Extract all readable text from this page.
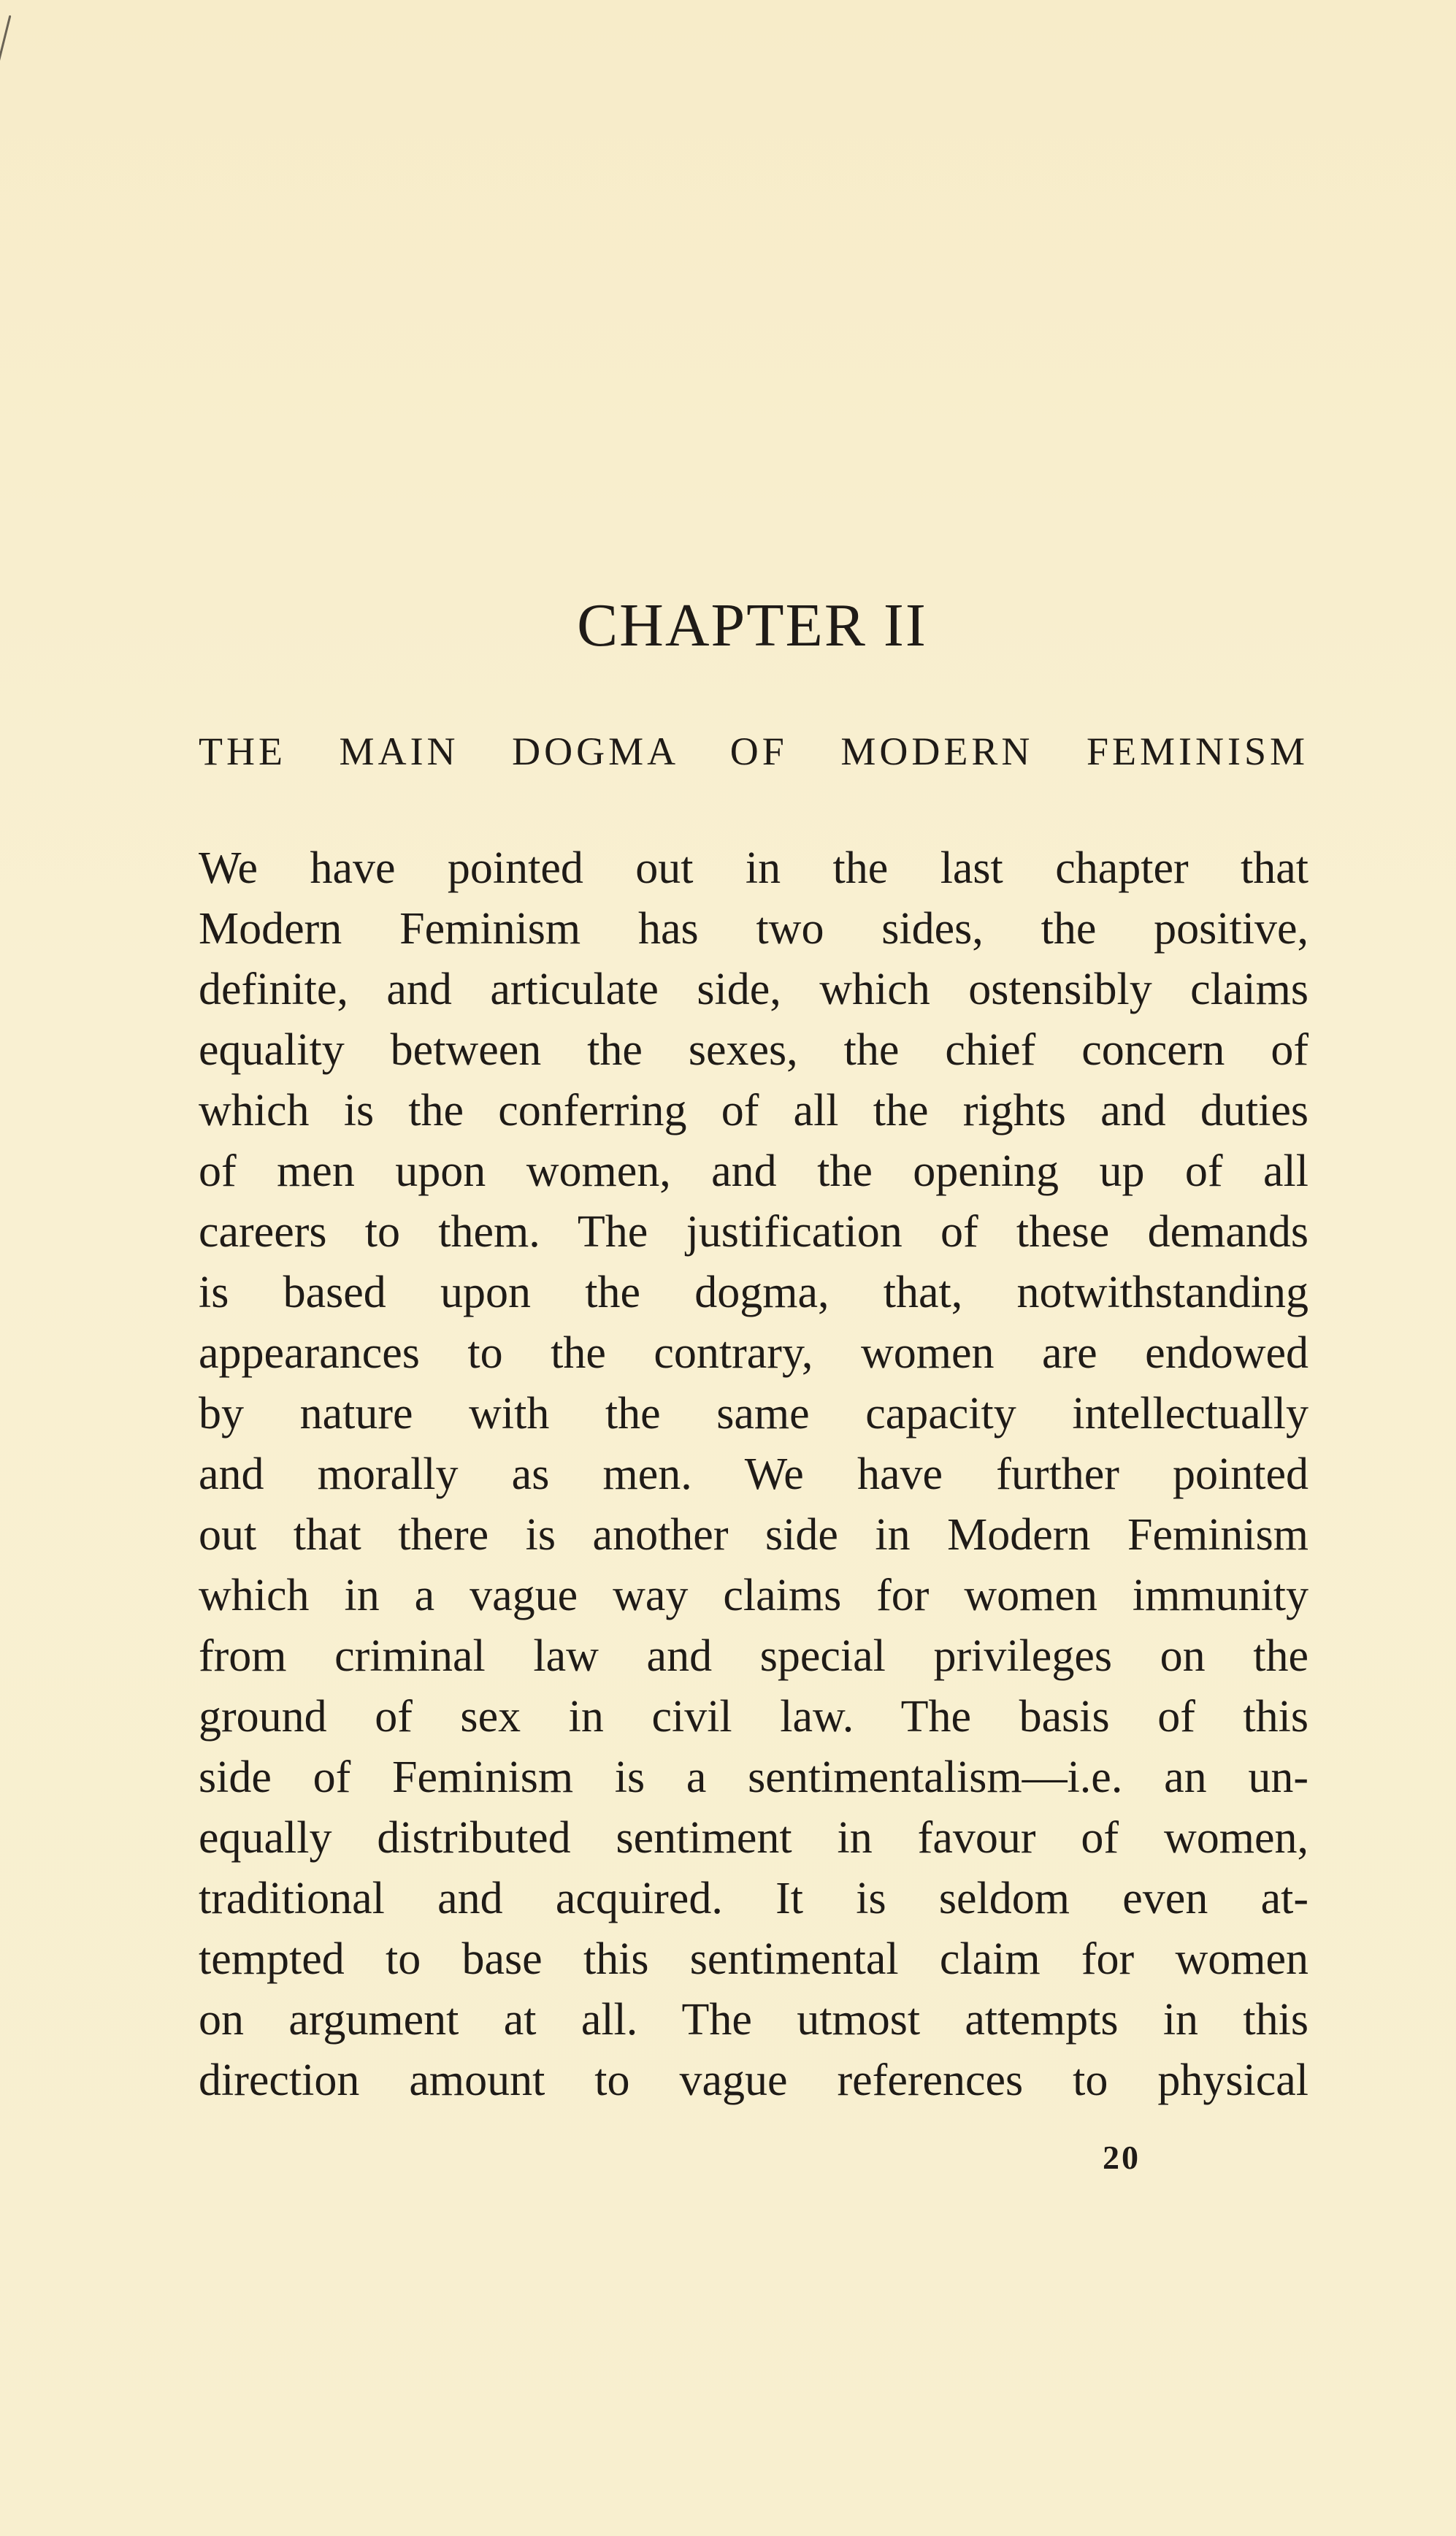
CHAPTER II
THE MAIN DOGMA OF MODERN FEMINISM
We have pointed out in the last chapter that
Modern Feminism has two sides, the positive,
definite, and articulate side, which ostensibly claims
equality between the sexes, the chief concern of
which is the conferring of all the rights and duties
of men upon women, and the opening up of all
careers to them. The justification of these demands
is based upon the dogma, that, notwithstanding
appearances to the contrary, women are endowed
by nature with the same capacity intellectually
and morally as men. We have further pointed
out that there is another side in Modern Feminism
which in a vague way claims for women immunity
from criminal law and special privileges on the
ground of sex in civil law. The basis of this
side of Feminism is a sentimentalism—i.e. an un-
equally distributed sentiment in favour of women,
traditional and acquired. It is seldom even at-
tempted to base this sentimental claim for women
on argument at all. The utmost attempts in this
direction amount to vague references to physical
20
